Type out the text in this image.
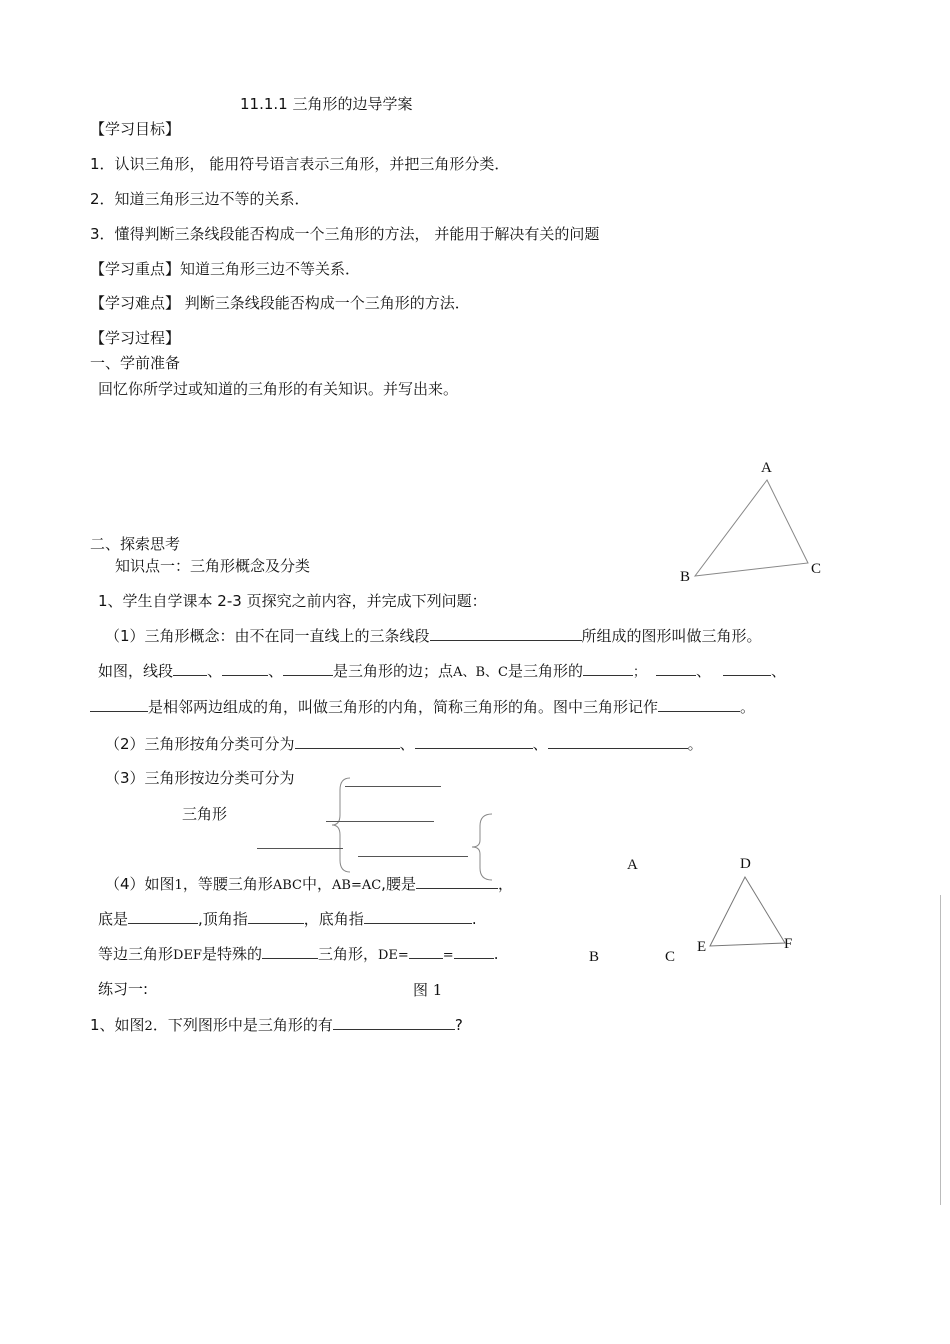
11.1.1 三角形的边导学案
【学习目标】
1．认识三角形， 能用符号语言表示三角形，并把三角形分类．
2．知道三角形三边不等的关系．
3．懂得判断三条线段能否构成一个三角形的方法， 并能用于解决有关的问题
【学习重点】知道三角形三边不等关系．
【学习难点】 判断三条线段能否构成一个三角形的方法．
【学习过程】
一、学前准备
回忆你所学过或知道的三角形的有关知识。并写出来。
A
B	C
二、探索思考
知识点一：三角形概念及分类
1、学生自学课本 2-3 页探究之前内容，并完成下列问题：
（1）三角形概念：由不在同一直线上的三条线段	所组成的图形叫做三角形。
如图，线段 、	、	是三角形的边；点A、B、C是三角形的	；	、	、
是相邻两边组成的角，叫做三角形的内角，简称三角形的角。图中三角形记作	。
（2）三角形按角分类可分为	、	、	。
（3）三角形按边分类可分为
三角形
A	D
E	F
B	C
（4）如图1，等腰三角形ABC中，AB=AC,腰是	，
底是	,顶角指	，底角指	.
等边三角形DEF是特殊的	三角形，DE=	=	.
练习一:	图 1
1、如图2．下列图形中是三角形的有	?
